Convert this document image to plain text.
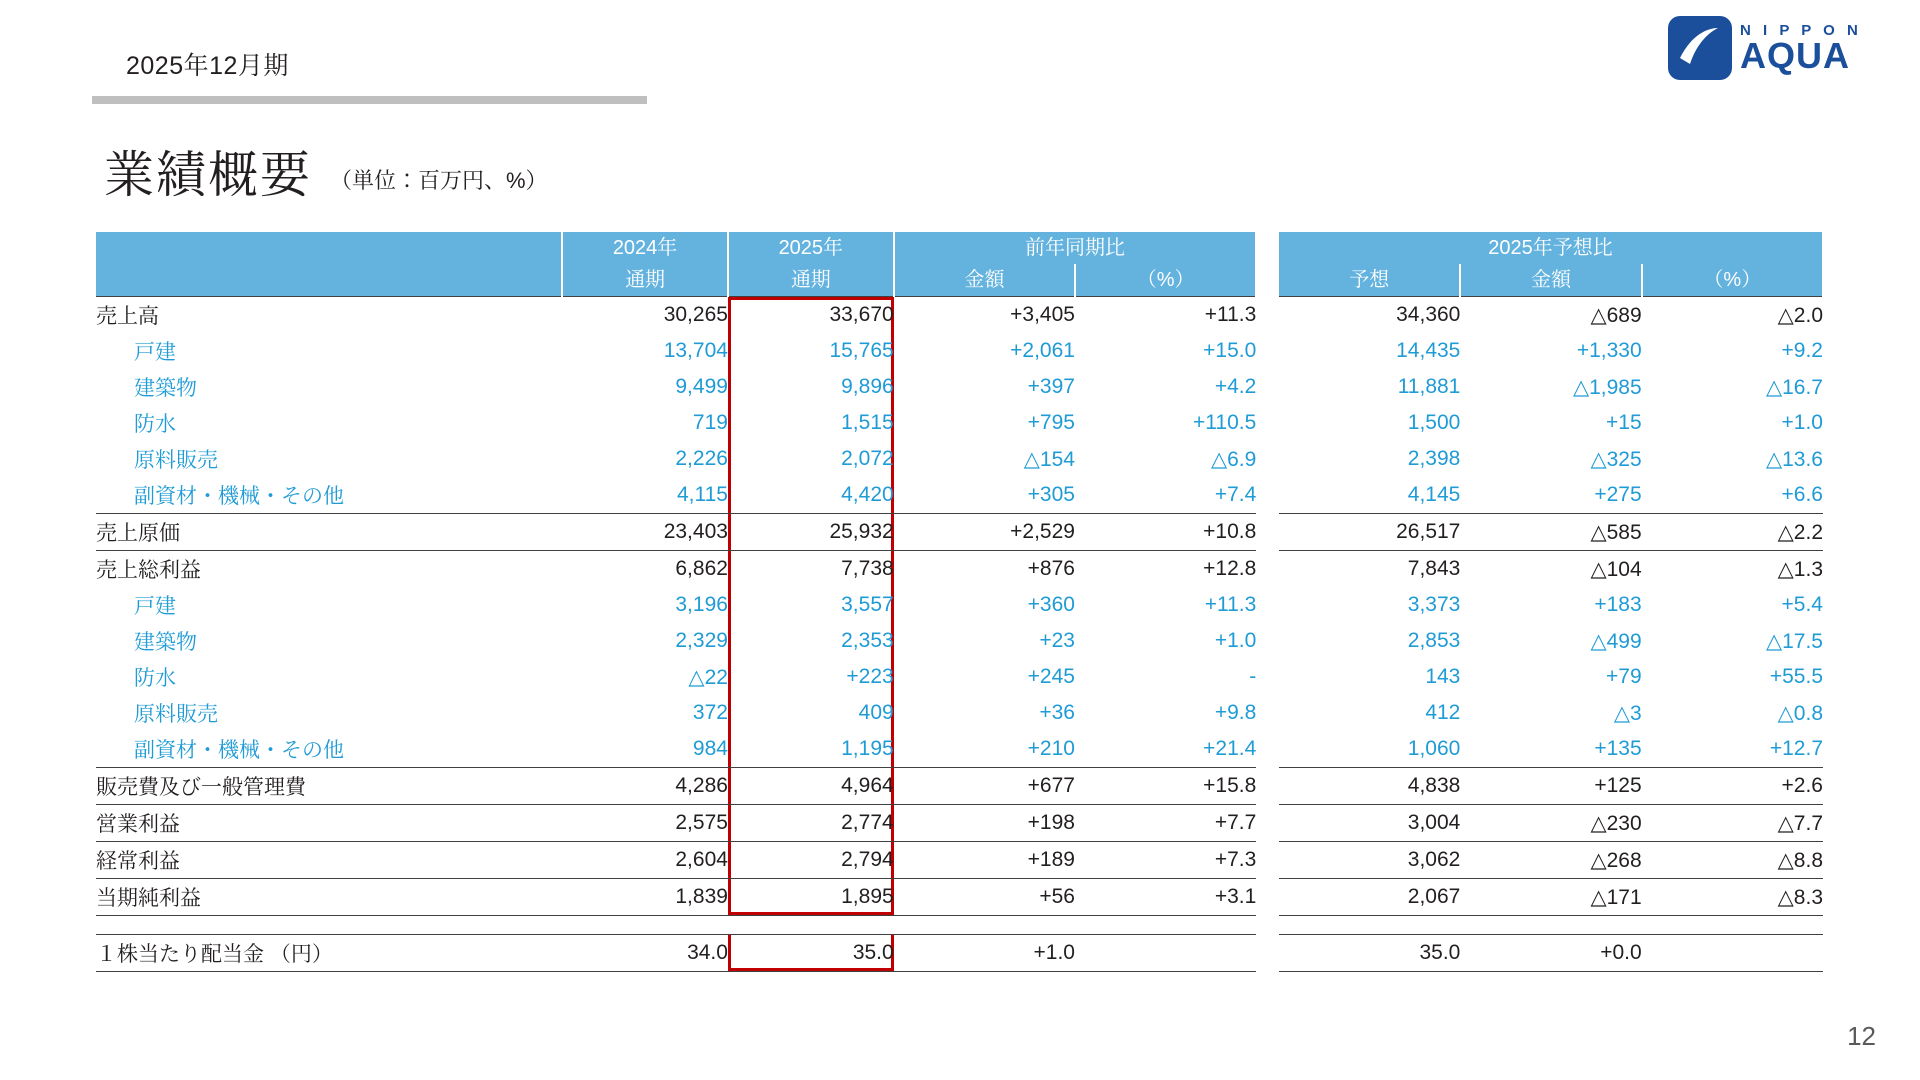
2025年12月期
N I P P O N
AQUA
業績概要 （単位：百万円、%）
	2024年	2025年	前年同期比			2025年予想比		
	通期	通期	金額	（%）		予想	金額	（%）
売上高	30,265	33,670	+3,405	+11.3		34,360	△689	△2.0
戸建	13,704	15,765	+2,061	+15.0		14,435	+1,330	+9.2
建築物	9,499	9,896	+397	+4.2		11,881	△1,985	△16.7
防水	719	1,515	+795	+110.5		1,500	+15	+1.0
原料販売	2,226	2,072	△154	△6.9		2,398	△325	△13.6
副資材・機械・その他	4,115	4,420	+305	+7.4		4,145	+275	+6.6
売上原価	23,403	25,932	+2,529	+10.8		26,517	△585	△2.2
売上総利益	6,862	7,738	+876	+12.8		7,843	△104	△1.3
戸建	3,196	3,557	+360	+11.3		3,373	+183	+5.4
建築物	2,329	2,353	+23	+1.0		2,853	△499	△17.5
防水	△22	+223	+245	-		143	+79	+55.5
原料販売	372	409	+36	+9.8		412	△3	△0.8
副資材・機械・その他	984	1,195	+210	+21.4		1,060	+135	+12.7
販売費及び一般管理費	4,286	4,964	+677	+15.8		4,838	+125	+2.6
営業利益	2,575	2,774	+198	+7.7		3,004	△230	△7.7
経常利益	2,604	2,794	+189	+7.3		3,062	△268	△8.8
当期純利益	1,839	1,895	+56	+3.1		2,067	△171	△8.3

１株当たり配当金 （円）	34.0	35.0	+1.0			35.0	+0.0	
12
